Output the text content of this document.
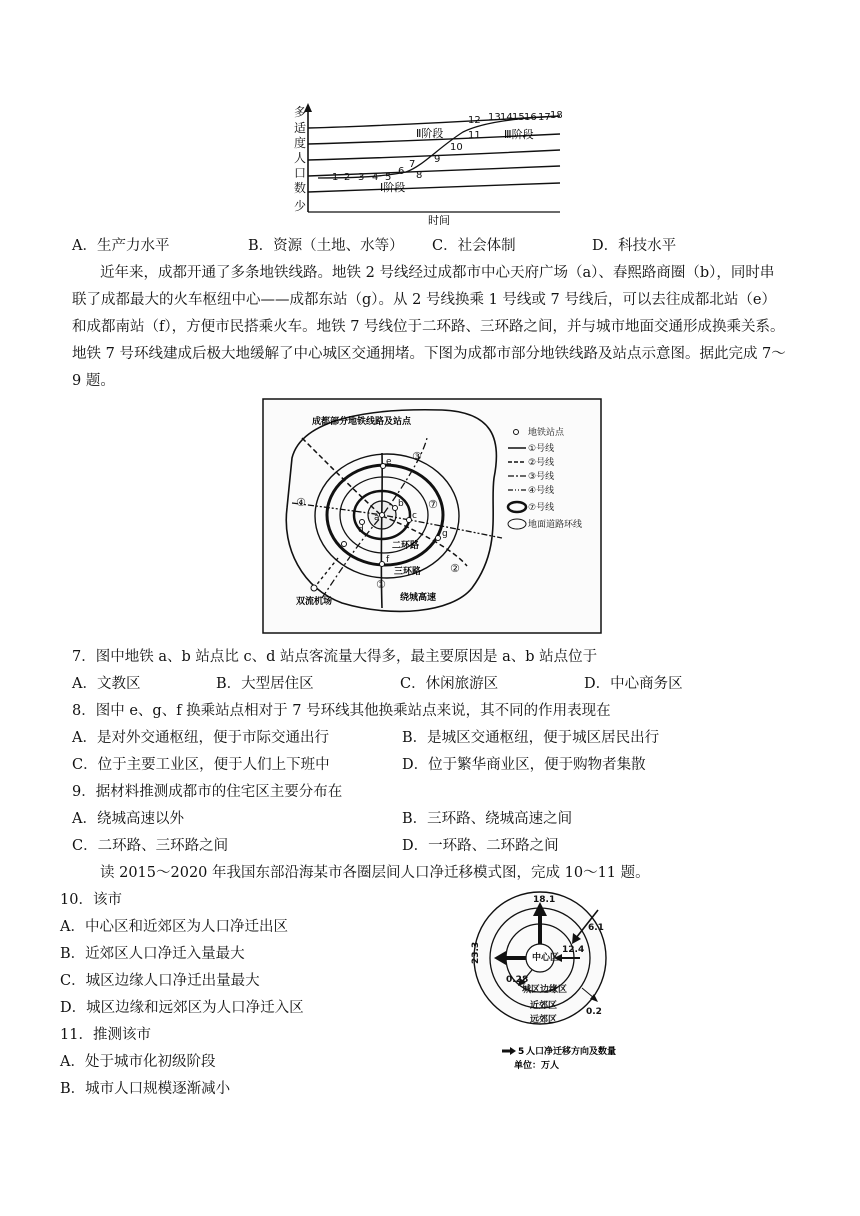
多
适
度
人
口
数
少
1 2 3 4 5
6
7
8
9
10
11
12 13 14 15 16 17 18
Ⅰ阶段
Ⅱ阶段	Ⅲ阶段
时间
A．生产力水平	B．资源（土地、水等） C．社会体制	D．科技水平
近年来，成都开通了多条地铁线路。地铁 2 号线经过成都市中心天府广场（a）、春熙路商圈（b），同时串
联了成都最大的火车枢纽中心——成都东站（g）。从 2 号线换乘 1 号线或 7 号线后，可以去往成都北站（e）
和成都南站（f），方便市民搭乘火车。地铁 7 号线位于二环路、三环路之间，并与城市地面交通形成换乘关系。
地铁 7 号环线建成后极大地缓解了中心城区交通拥堵。下图为成都市部分地铁线路及站点示意图。据此完成 7～
9 题。
a
b
c
d
e
f
g
①
②
③
④	⑦
成都部分地铁线路及站点
二环路
三环路
绕城高速
双流机场
地铁站点
①号线
②号线
③号线
④号线
⑦号线
地面道路环线
7．图中地铁 a、b 站点比 c、d 站点客流量大得多，最主要原因是 a、b 站点位于
A．文教区	B．大型居住区	C．休闲旅游区	D．中心商务区
8．图中 e、g、f 换乘站点相对于 7 号环线其他换乘站点来说，其不同的作用表现在
A．是对外交通枢纽，便于市际交通出行	B．是城区交通枢纽，便于城区居民出行
C．位于主要工业区，便于人们上下班中	D．位于繁华商业区，便于购物者集散
9．据材料推测成都市的住宅区主要分布在
A．绕城高速以外	B．三环路、绕城高速之间
C．二环路、三环路之间	D．一环路、二环路之间
读 2015～2020 年我国东部沿海某市各圈层间人口净迁移模式图，完成 10～11 题。
10．该市
A．中心区和近郊区为人口净迁出区
B．近郊区人口净迁入量最大
C．城区边缘人口净迁出量最大
D．城区边缘和远郊区为人口净迁入区
11．推测该市
A．处于城市化初级阶段
B．城市人口规模逐渐减小
中心区
城区边缘区
近郊区
远郊区
18.1
12.4
6.1
23.3
0.28
0.2
5 人口净迁移方向及数量
单位：万人
